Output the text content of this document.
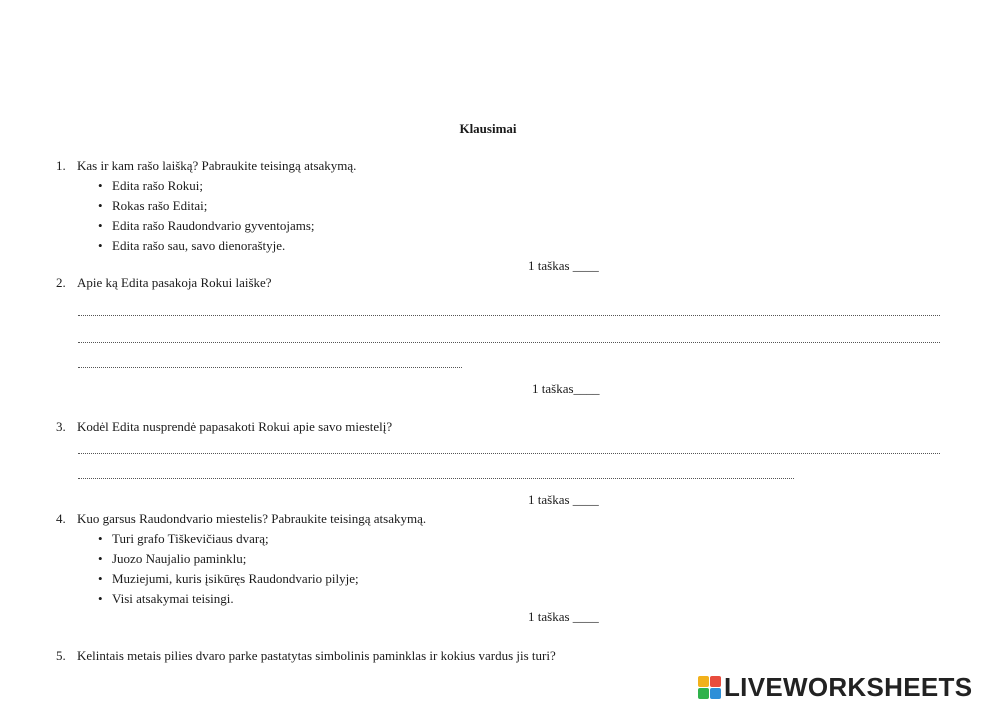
Klausimai
1. Kas ir kam rašo laišką? Pabraukite teisingą atsakymą.
• Edita rašo Rokui;
• Rokas rašo Editai;
• Edita rašo Raudondvario gyventojams;
• Edita rašo sau, savo dienoraštyje.
1 taškas ____
2. Apie ką Edita pasakoja Rokui laiške?
1 taškas____
3. Kodėl Edita nusprendė papasakoti Rokui apie savo miestelį?
1 taškas ____
4. Kuo garsus Raudondvario miestelis? Pabraukite teisingą atsakymą.
• Turi grafo Tiškevičiaus dvarą;
• Juozo Naujalio paminklu;
• Muziejumi, kuris įsikūręs Raudondvario pilyje;
• Visi atsakymai teisingi.
1 taškas ____
5. Kelintais metais pilies dvaro parke pastatytas simbolinis paminklas ir kokius vardus jis turi?
LIVEWORKSHEETS
